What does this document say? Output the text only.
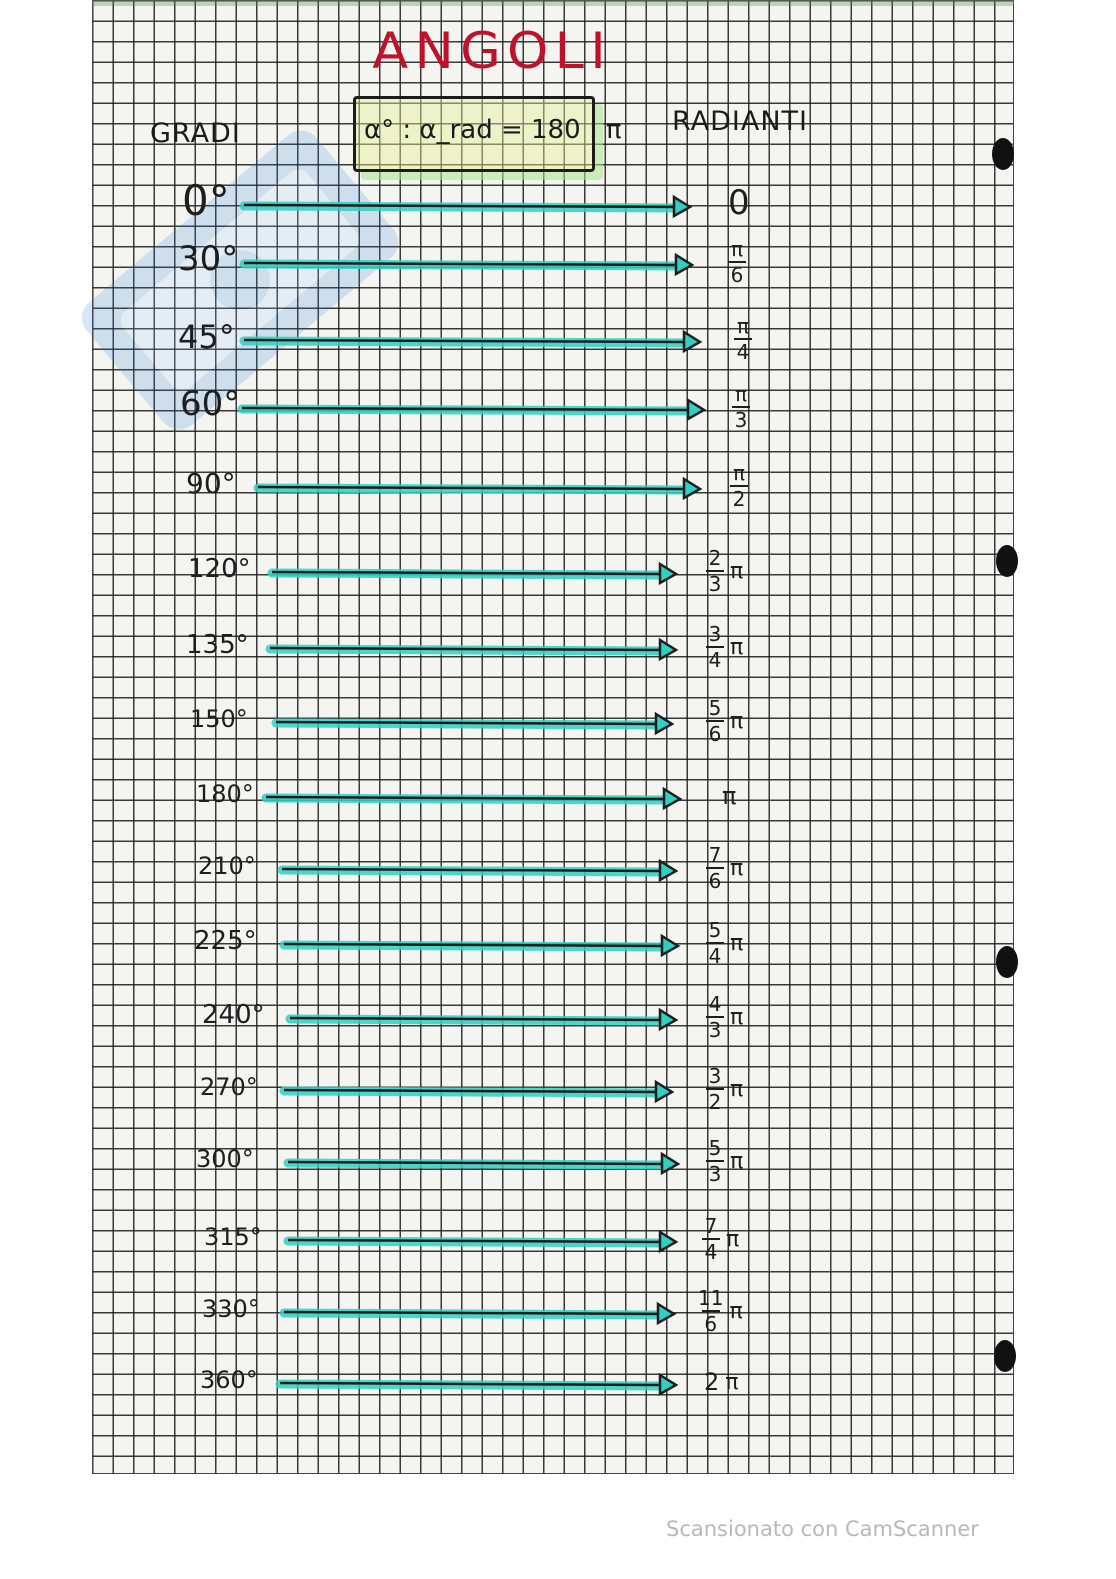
ANGOLI
GRADI	RADIANTI
α° : α_rad = 180 : π
0°	0
30°	$\frac{\pi}{6}$
45°	$\frac{\pi}{4}$
60°	$\frac{\pi}{3}$
90°	$\frac{\pi}{2}$
120°	$\frac{2}{3}$ π
135°	$\frac{3}{4}$ π
150°	$\frac{5}{6}$ π
180°	π
210°	$\frac{7}{6}$ π
225°	$\frac{5}{4}$ π
240°	$\frac{4}{3}$ π
270°	$\frac{3}{2}$ π
300°	$\frac{5}{3}$ π
315°	$\frac{7}{4}$ π
330°	$\frac{11}{6}$ π
360°	2 π
Scansionato con CamScanner
